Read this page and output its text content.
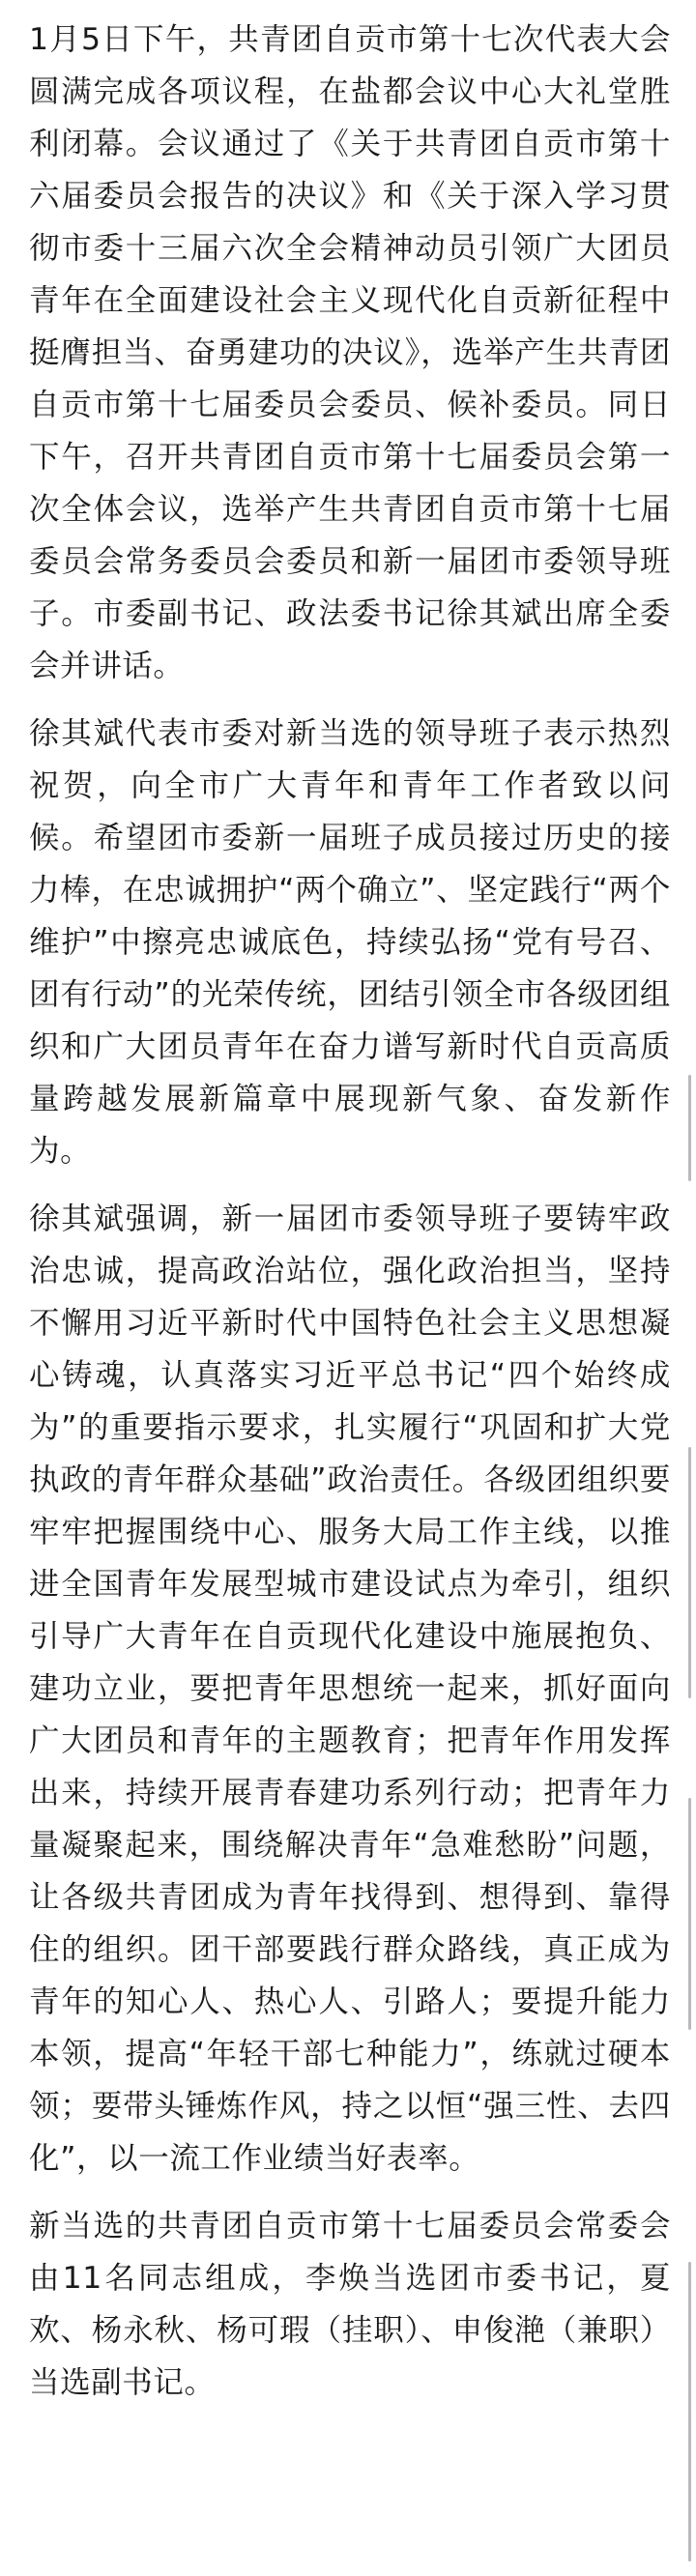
1月5日下午，共青团自贡市第十七次代表大会圆满完成各项议程，在盐都会议中心大礼堂胜利闭幕。会议通过了《关于共青团自贡市第十六届委员会报告的决议》和《关于深入学习贯彻市委十三届六次全会精神动员引领广大团员青年在全面建设社会主义现代化自贡新征程中挺膺担当、奋勇建功的决议》，选举产生共青团自贡市第十七届委员会委员、候补委员。同日下午，召开共青团自贡市第十七届委员会第一次全体会议，选举产生共青团自贡市第十七届委员会常务委员会委员和新一届团市委领导班子。市委副书记、政法委书记徐其斌出席全委会并讲话。

徐其斌代表市委对新当选的领导班子表示热烈祝贺，向全市广大青年和青年工作者致以问候。希望团市委新一届班子成员接过历史的接力棒，在忠诚拥护“两个确立”、坚定践行“两个维护”中擦亮忠诚底色，持续弘扬“党有号召、团有行动”的光荣传统，团结引领全市各级团组织和广大团员青年在奋力谱写新时代自贡高质量跨越发展新篇章中展现新气象、奋发新作为。

徐其斌强调，新一届团市委领导班子要铸牢政治忠诚，提高政治站位，强化政治担当，坚持不懈用习近平新时代中国特色社会主义思想凝心铸魂，认真落实习近平总书记“四个始终成为”的重要指示要求，扎实履行“巩固和扩大党执政的青年群众基础”政治责任。各级团组织要牢牢把握围绕中心、服务大局工作主线，以推进全国青年发展型城市建设试点为牵引，组织引导广大青年在自贡现代化建设中施展抱负、建功立业，要把青年思想统一起来，抓好面向广大团员和青年的主题教育；把青年作用发挥出来，持续开展青春建功系列行动；把青年力量凝聚起来，围绕解决青年“急难愁盼”问题，让各级共青团成为青年找得到、想得到、靠得住的组织。团干部要践行群众路线，真正成为青年的知心人、热心人、引路人；要提升能力本领，提高“年轻干部七种能力”，练就过硬本领；要带头锤炼作风，持之以恒“强三性、去四化”，以一流工作业绩当好表率。

新当选的共青团自贡市第十七届委员会常委会由11名同志组成，李焕当选团市委书记，夏欢、杨永秋、杨可瑕（挂职）、申俊滟（兼职）当选副书记。
